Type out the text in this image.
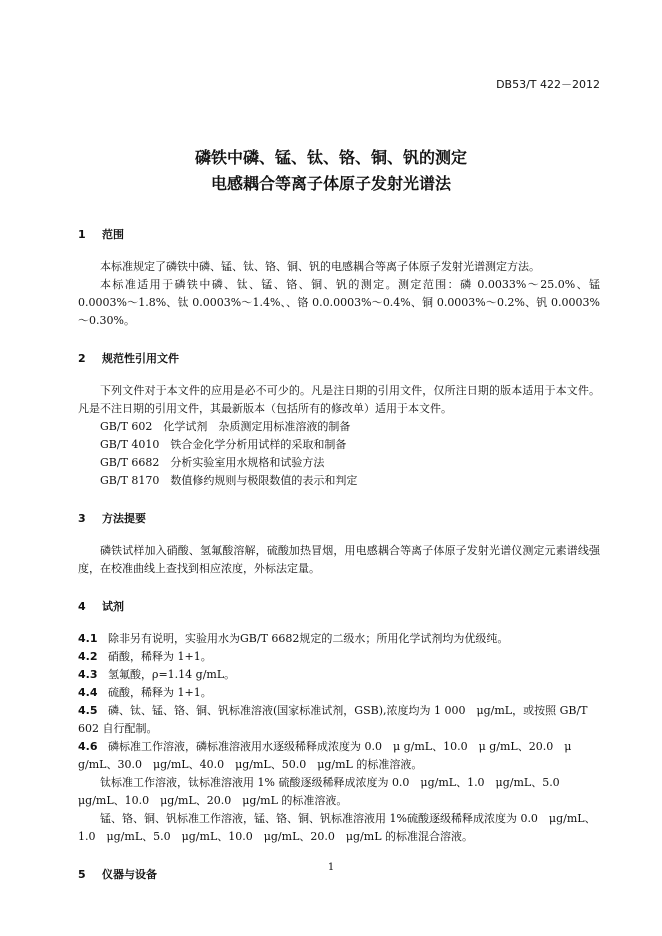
DB53/T 422－2012
磷铁中磷、锰、钛、铬、铜、钒的测定
电感耦合等离子体原子发射光谱法
1 范围

本标准规定了磷铁中磷、锰、钛、铬、铜、钒的电感耦合等离子体原子发射光谱测定方法。

本标准适用于磷铁中磷、钛、锰、铬、铜、钒的测定。测定范围：磷 0.0033%～25.0%、锰 0.0003%～1.8%、钛 0.0003%～1.4%、、铬 0.0.0003%～0.4%、铜 0.0003%～0.2%、钒 0.0003%～0.30%。

2 规范性引用文件

下列文件对于本文件的应用是必不可少的。凡是注日期的引用文件，仅所注日期的版本适用于本文件。凡是不注日期的引用文件，其最新版本（包括所有的修改单）适用于本文件。

GB/T 602　化学试剂　杂质测定用标准溶液的制备
GB/T 4010　铁合金化学分析用试样的采取和制备
GB/T 6682　分析实验室用水规格和试验方法
GB/T 8170　数值修约规则与极限数值的表示和判定
3 方法提要

磷铁试样加入硝酸、氢氟酸溶解，硫酸加热冒烟，用电感耦合等离子体原子发射光谱仪测定元素谱线强度，在校准曲线上查找到相应浓度，外标法定量。

4 试剂

4.1 除非另有说明，实验用水为GB/T 6682规定的二级水；所用化学试剂均为优级纯。

4.2 硝酸，稀释为 1+1。

4.3 氢氟酸，ρ=1.14 g/mL。

4.4 硫酸，稀释为 1+1。

4.5 磷、钛、锰、铬、铜、钒标准溶液(国家标准试剂，GSB),浓度均为 1 000　μg/mL，或按照 GB/T 602 自行配制。

4.6 磷标准工作溶液，磷标准溶液用水逐级稀释成浓度为 0.0　μ g/mL、10.0　μ g/mL、20.0　μ g/mL、30.0　μg/mL、40.0　μg/mL、50.0　μg/mL 的标准溶液。

钛标准工作溶液，钛标准溶液用 1% 硫酸逐级稀释成浓度为 0.0　μg/mL、1.0　μg/mL、5.0 μg/mL、10.0　μg/mL、20.0　μg/mL 的标准溶液。

锰、铬、铜、钒标准工作溶液，锰、铬、铜、钒标准溶液用 1%硫酸逐级稀释成浓度为 0.0　μg/mL、1.0　μg/mL、5.0　μg/mL、10.0　μg/mL、20.0　μg/mL 的标准混合溶液。

5 仪器与设备
1
